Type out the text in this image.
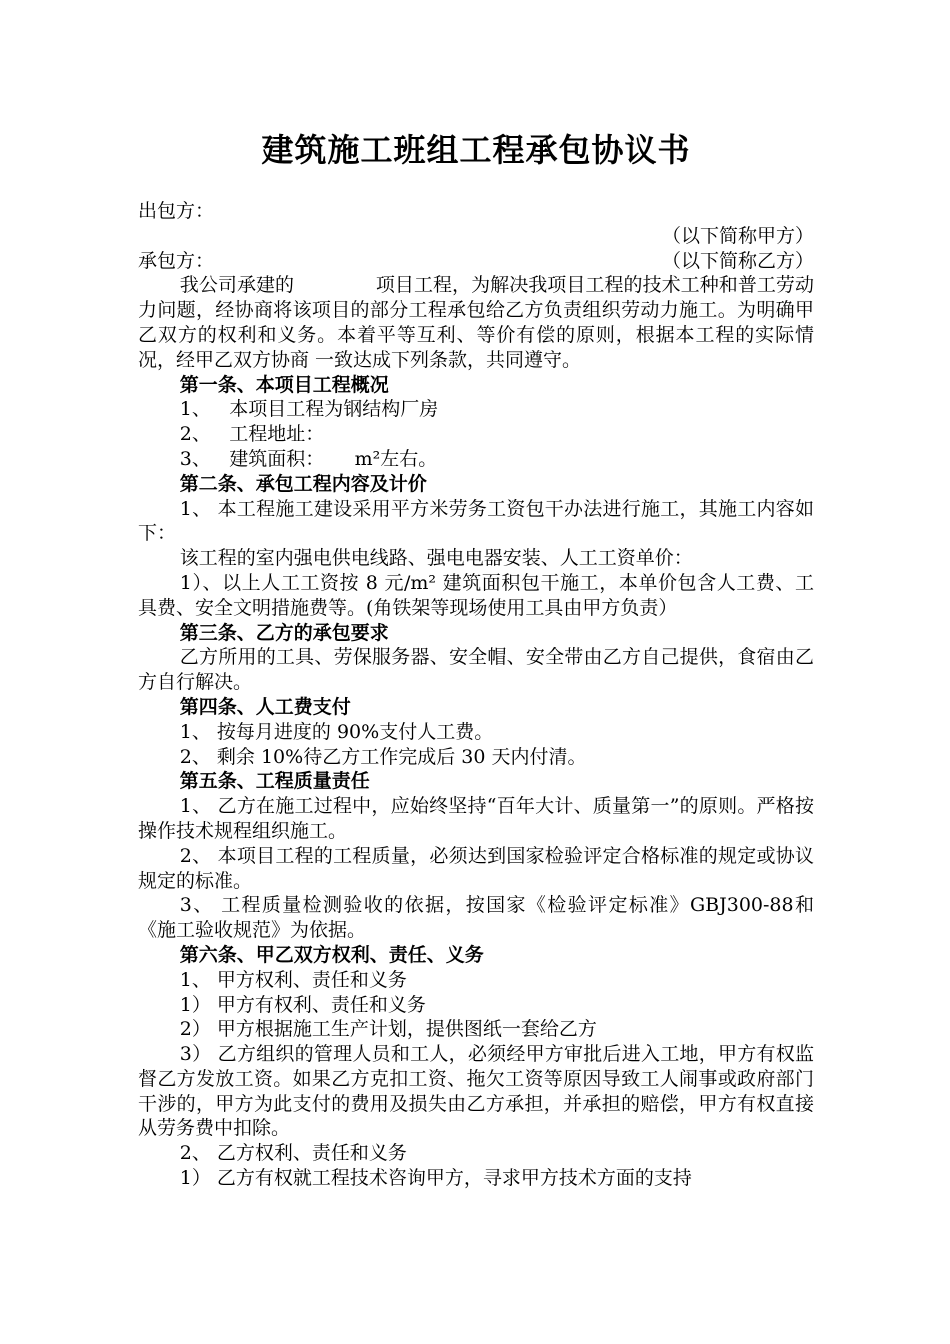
建筑施工班组工程承包协议书
出包方：
（以下简称甲方）
承包方：	（以下简称乙方）
我公司承建的	项目工程，为解决我项目工程的技术工种和普工劳动力问题，经协商将该项目的部分工程承包给乙方负责组织劳动力施工。为明确甲乙双方的权利和义务。本着平等互利、等价有偿的原则，根据本工程的实际情况，经甲乙双方协商 一致达成下列条款，共同遵守。
第一条、本项目工程概况
1、 本项目工程为钢结构厂房
2、 工程地址：
3、 建筑面积： m²左右。
第二条、承包工程内容及计价
1、 本工程施工建设采用平方米劳务工资包干办法进行施工，其施工内容如下：
该工程的室内强电供电线路、强电电器安装、人工工资单价：
1）、以上人工工资按 8 元/m² 建筑面积包干施工，本单价包含人工费、工具费、安全文明措施费等。(角铁架等现场使用工具由甲方负责）
第三条、乙方的承包要求
乙方所用的工具、劳保服务器、安全帽、安全带由乙方自己提供，食宿由乙方自行解决。
第四条、人工费支付
1、 按每月进度的 90%支付人工费。
2、 剩余 10%待乙方工作完成后 30 天内付清。
第五条、工程质量责任
1、 乙方在施工过程中，应始终坚持“百年大计、质量第一”的原则。严格按操作技术规程组织施工。
2、 本项目工程的工程质量，必须达到国家检验评定合格标准的规定或协议规定的标准。
3、 工程质量检测验收的依据，按国家《检验评定标准》GBJ300-88和《施工验收规范》为依据。
第六条、甲乙双方权利、责任、义务
1、 甲方权利、责任和义务
1） 甲方有权利、责任和义务
2） 甲方根据施工生产计划，提供图纸一套给乙方
3） 乙方组织的管理人员和工人，必须经甲方审批后进入工地，甲方有权监督乙方发放工资。如果乙方克扣工资、拖欠工资等原因导致工人闹事或政府部门干涉的，甲方为此支付的费用及损失由乙方承担，并承担的赔偿，甲方有权直接从劳务费中扣除。
2、 乙方权利、责任和义务
1） 乙方有权就工程技术咨询甲方，寻求甲方技术方面的支持
